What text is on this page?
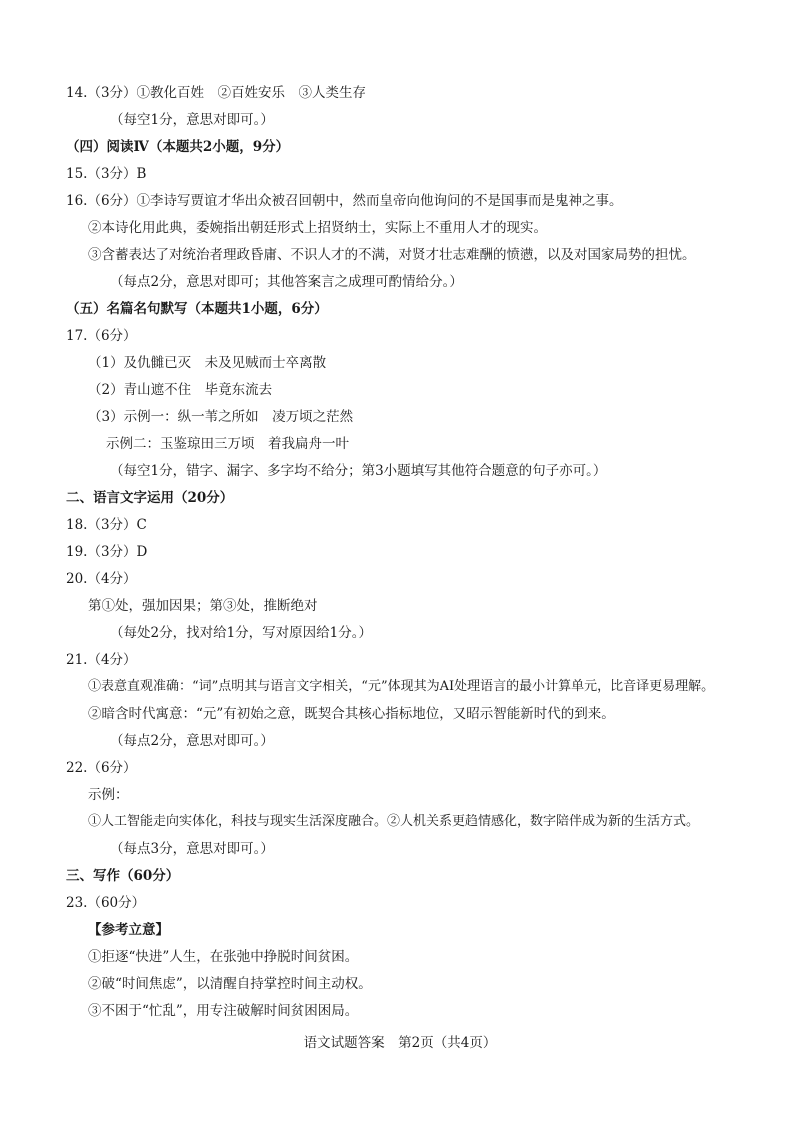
14.（3分）①教化百姓　②百姓安乐　③人类生存
（每空1分，意思对即可。）
（四）阅读Ⅳ（本题共2小题，9分）
15.（3分）B
16.（6分）①李诗写贾谊才华出众被召回朝中，然而皇帝向他询问的不是国事而是鬼神之事。
②本诗化用此典，委婉指出朝廷形式上招贤纳士，实际上不重用人才的现实。
③含蓄表达了对统治者理政昏庸、不识人才的不满，对贤才壮志难酬的愤懑，以及对国家局势的担忧。
（每点2分，意思对即可；其他答案言之成理可酌情给分。）
（五）名篇名句默写（本题共1小题，6分）
17.（6分）
（1）及仇雠已灭　未及见贼而士卒离散
（2）青山遮不住　毕竟东流去
（3）示例一：纵一苇之所如　凌万顷之茫然
示例二：玉鉴琼田三万顷　着我扁舟一叶
（每空1分，错字、漏字、多字均不给分；第3小题填写其他符合题意的句子亦可。）
二、语言文字运用（20分）
18.（3分）C
19.（3分）D
20.（4分）
第①处，强加因果；第③处，推断绝对
（每处2分，找对给1分，写对原因给1分。）
21.（4分）
①表意直观准确：“词”点明其与语言文字相关，“元”体现其为AI处理语言的最小计算单元，比音译更易理解。
②暗含时代寓意：“元”有初始之意，既契合其核心指标地位，又昭示智能新时代的到来。
（每点2分，意思对即可。）
22.（6分）
示例：
①人工智能走向实体化，科技与现实生活深度融合。②人机关系更趋情感化，数字陪伴成为新的生活方式。
（每点3分，意思对即可。）
三、写作（60分）
23.（60分）
【参考立意】
①拒逐“快进”人生，在张弛中挣脱时间贫困。
②破“时间焦虑”，以清醒自持掌控时间主动权。
③不困于“忙乱”，用专注破解时间贫困困局。
语文试题答案　第2页（共4页）
